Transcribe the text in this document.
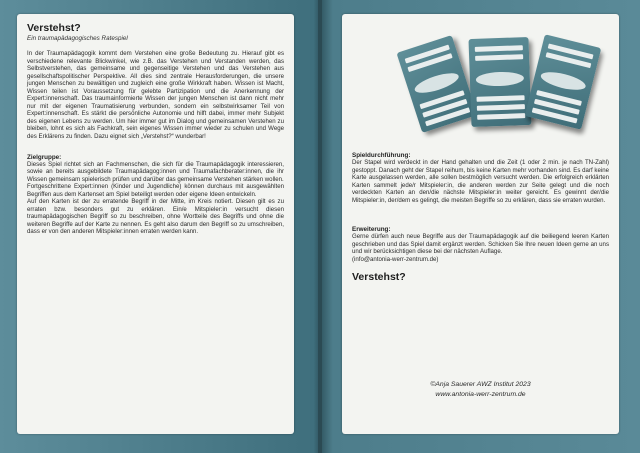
Verstehst?
Ein traumapädagogisches Ratespiel

In der Traumapädagogik kommt dem Verstehen eine große Bedeutung zu. Hierauf gibt es verschiedene relevante Blickwinkel, wie z.B. das Verstehen und Verstanden werden, das Selbstverstehen, das gemeinsame und gegenseitige Verstehen und das Verstehen aus gesellschaftspolitischer Perspektive. All dies sind zentrale Herausforderungen, die unsere jungen Menschen zu bewältigen und zugleich eine große Wirkkraft haben. Wissen ist Macht, Wissen teilen ist Voraussetzung für gelebte Partizipation und die Anerkennung der Expert:innenschaft. Das traumainformierte Wissen der jungen Menschen ist dann nicht mehr nur mit der eigenen Traumatisierung verbunden, sondern ein selbstwirksamer Teil von Expert:innenschaft. Es stärkt die persönliche Autonomie und hilft dabei, immer mehr Subjekt des eigenen Lebens zu werden. Um hier immer gut im Dialog und gemeinsamen Verstehen zu bleiben, lohnt es sich als Fachkraft, sein eigenes Wissen immer wieder zu schulen und Wege des Erklärens zu finden. Dazu eignet sich „Verstehst?“ wunderbar!

Zielgruppe:

Dieses Spiel richtet sich an Fachmenschen, die sich für die Traumapädagogik interessieren, sowie an bereits ausgebildete Traumapädagog:innen und Traumafachberater:innen, die ihr Wissen gemeinsam spielerisch prüfen und darüber das gemeinsame Verstehen stärken wollen.

Fortgeschrittene Expert:innen (Kinder und Jugendliche) können durchaus mit ausgewählten Begriffen aus dem Kartenset am Spiel beteiligt werden oder eigene Ideen entwickeln.

Auf den Karten ist der zu erratende Begriff in der Mitte, im Kreis notiert. Diesen gilt es zu erraten bzw. besonders gut zu erklären. Ein/e Mitspieler:in versucht diesen traumapädagogischen Begriff so zu beschreiben, ohne Wortteile des Begriffs und ohne die weiteren Begriffe auf der Karte zu nennen. Es geht also darum den Begriff so zu umschreiben, dass er von den anderen Mitspieler:innen erraten werden kann.

Spieldurchführung:

Der Stapel wird verdeckt in der Hand gehalten und die Zeit (1 oder 2 min. je nach TN-Zahl) gestoppt. Danach geht der Stapel reihum, bis keine Karten mehr vorhanden sind. Es darf keine Karte ausgelassen werden, alle sollen bestmöglich versucht werden. Die erfolgreich erklärten Karten sammelt jede/r Mitspieler:in, die anderen werden zur Seite gelegt und die noch verdeckten Karten an den/die nächste Mitspieler:in weiter gereicht. Es gewinnt der/die Mitspieler:in, der/dem es gelingt, die meisten Begriffe so zu erklären, dass sie erraten wurden.

Erweiterung:

Gerne dürfen auch neue Begriffe aus der Traumapädagogik auf die beiliegend leeren Karten geschrieben und das Spiel damit ergänzt werden. Schicken Sie Ihre neuen Ideen gerne an uns und wir berücksichtigen diese bei der nächsten Auflage.

(info@antonia-werr-zentrum.de)

Verstehst?
©Anja Sauerer AWZ Institut 2023
www.antonia-werr-zentrum.de
